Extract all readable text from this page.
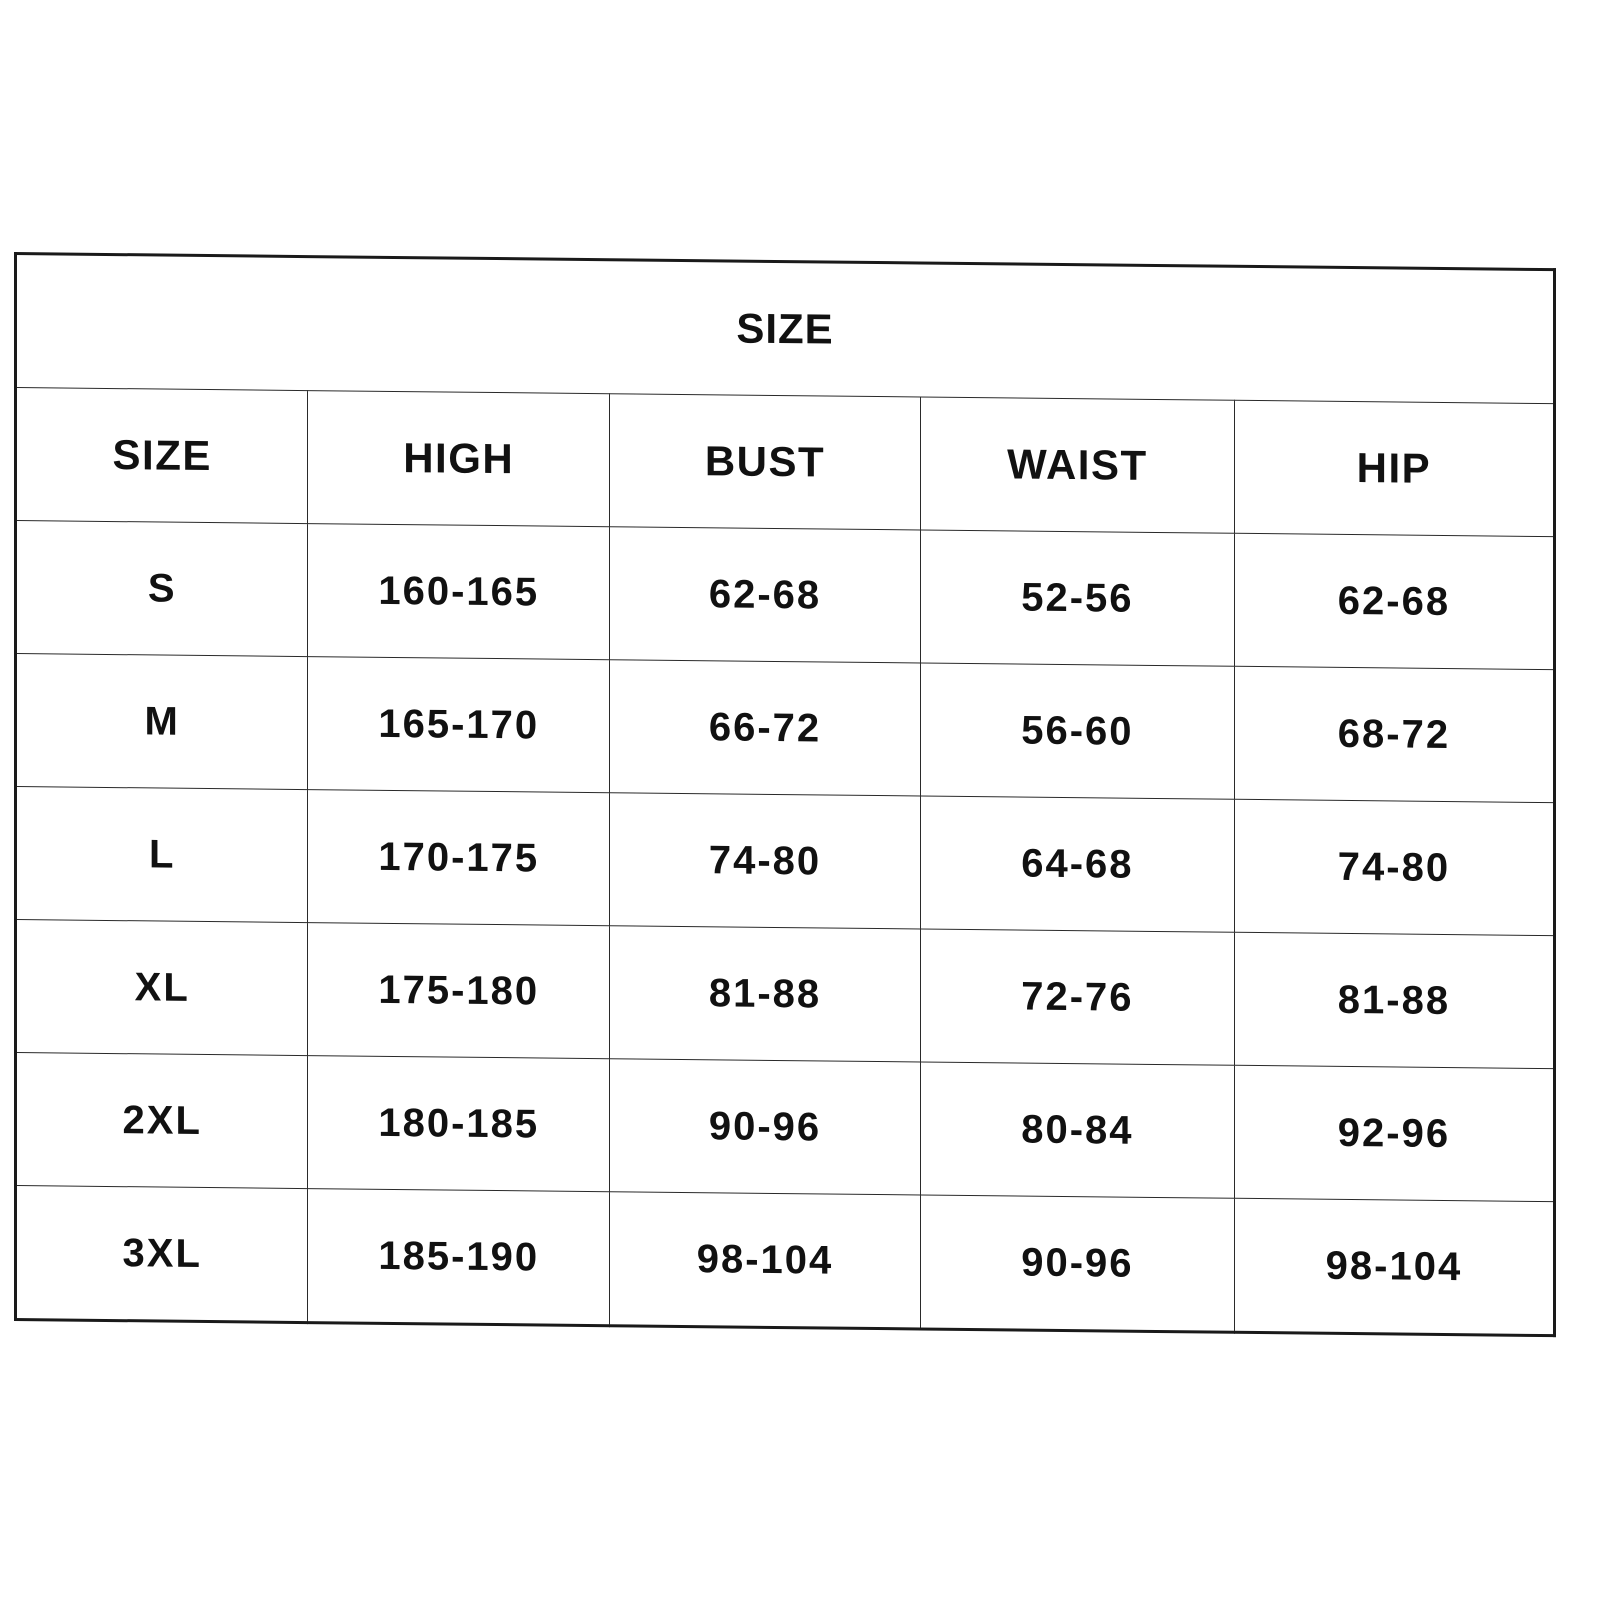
SIZE				
SIZE	HIGH	BUST	WAIST	HIP
S	160-165	62-68	52-56	62-68
M	165-170	66-72	56-60	68-72
L	170-175	74-80	64-68	74-80
XL	175-180	81-88	72-76	81-88
2XL	180-185	90-96	80-84	92-96
3XL	185-190	98-104	90-96	98-104
